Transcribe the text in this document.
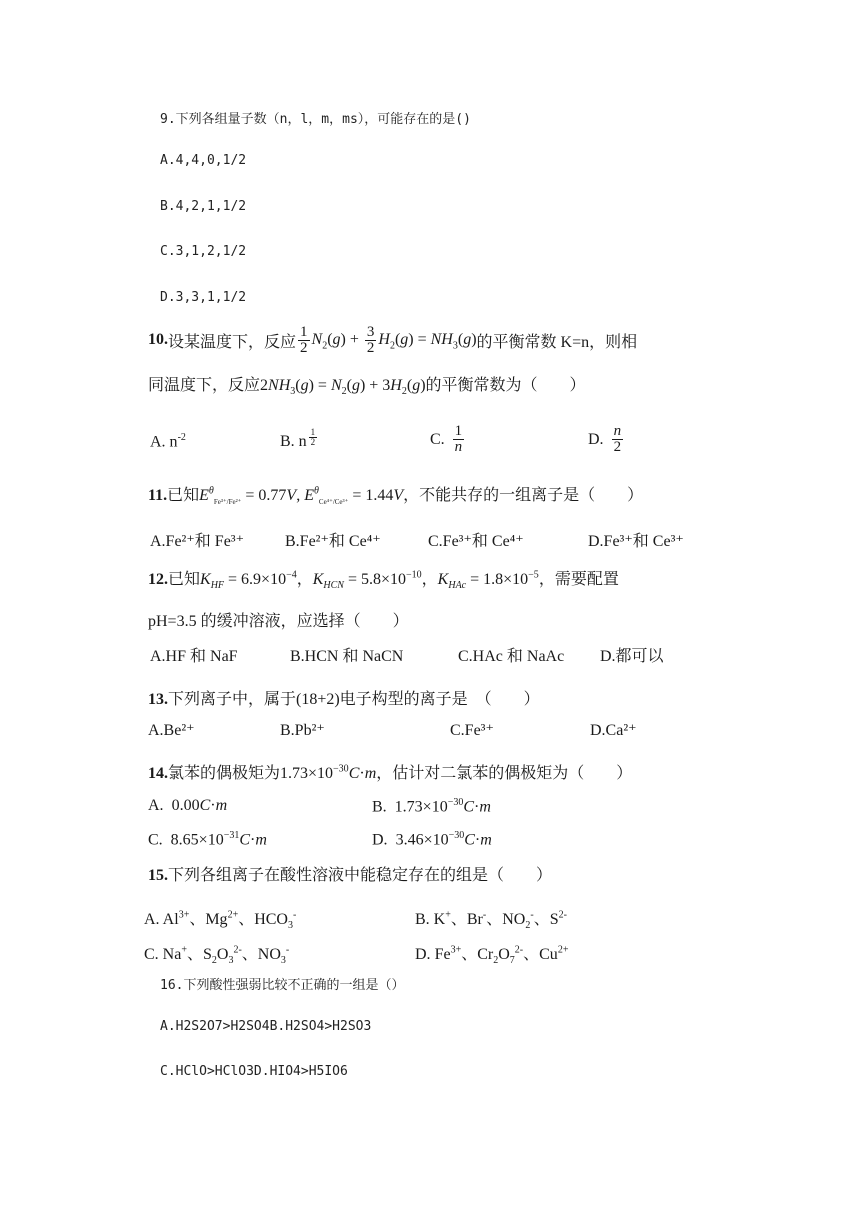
9.下列各组量子数（n，l，m，ms），可能存在的是()
A.4,4,0,1/2
B.4,2,1,1/2
C.3,1,2,1/2
D.3,3,1,1/2
10. 设某温度下，反应 $\frac{1}{2} N_2(g) + \frac{3}{2} H_2(g) = NH_3(g)$ 的平衡常数 K=n，则相
同温度下，反应$2NH_3(g) = N_2(g) + 3H_2(g)$的平衡常数为（　　）
A. $n^{-2}$	B. n $^{\frac{1}{2}}$	C. $\frac{1}{n}$	D. $\frac{n}{2}$
11.已知$E^\theta_{Fe^{3+}/Fe^{2+}} = 0.77V$, $E^\theta_{Ce^{4+}/Ce^{3+}} = 1.44V$，不能共存的一组离子是（　　）
A.Fe²⁺和 Fe³⁺	B.Fe²⁺和 Ce⁴⁺	C.Fe³⁺和 Ce⁴⁺	D.Fe³⁺和 Ce³⁺
12.已知$K_{HF} = 6.9\times 10^{-4}$，$K_{HCN} = 5.8\times 10^{-10}$，$K_{HAc} = 1.8\times 10^{-5}$，需要配置
pH=3.5 的缓冲溶液，应选择（　　）
A.HF 和 NaF	B.HCN 和 NaCN	C.HAc 和 NaAc D.都可以
13.下列离子中，属于(18+2)电子构型的离子是　（　　）
A.Be²⁺	B.Pb²⁺	C.Fe³⁺	D.Ca²⁺
14.氯苯的偶极矩为$1.73\times 10^{-30}C\cdot m$，估计对二氯苯的偶极矩为（　　）
A.  0.00C·m	B.  $1.73\times 10^{-30}C\cdot m$
C.  $8.65\times 10^{-31}C\cdot m$	D.  $3.46\times 10^{-30}C\cdot m$
15.下列各组离子在酸性溶液中能稳定存在的组是（　　）
A. $Al^{3+}$、$Mg^{2+}$、$HCO_3^-$	B. K+、Br-、$NO_2^-$、$S^{2-}$
C. Na+、$S_2O_3^{2-}$、$NO_3^-$	D. $Fe^{3+}$、$Cr_2O_7^{2-}$、$Cu^{2+}$
16.下列酸性强弱比较不正确的一组是（）
A.H2S2O7>H2SO4B.H2SO4>H2SO3
C.HClO>HClO3D.HIO4>H5IO6
